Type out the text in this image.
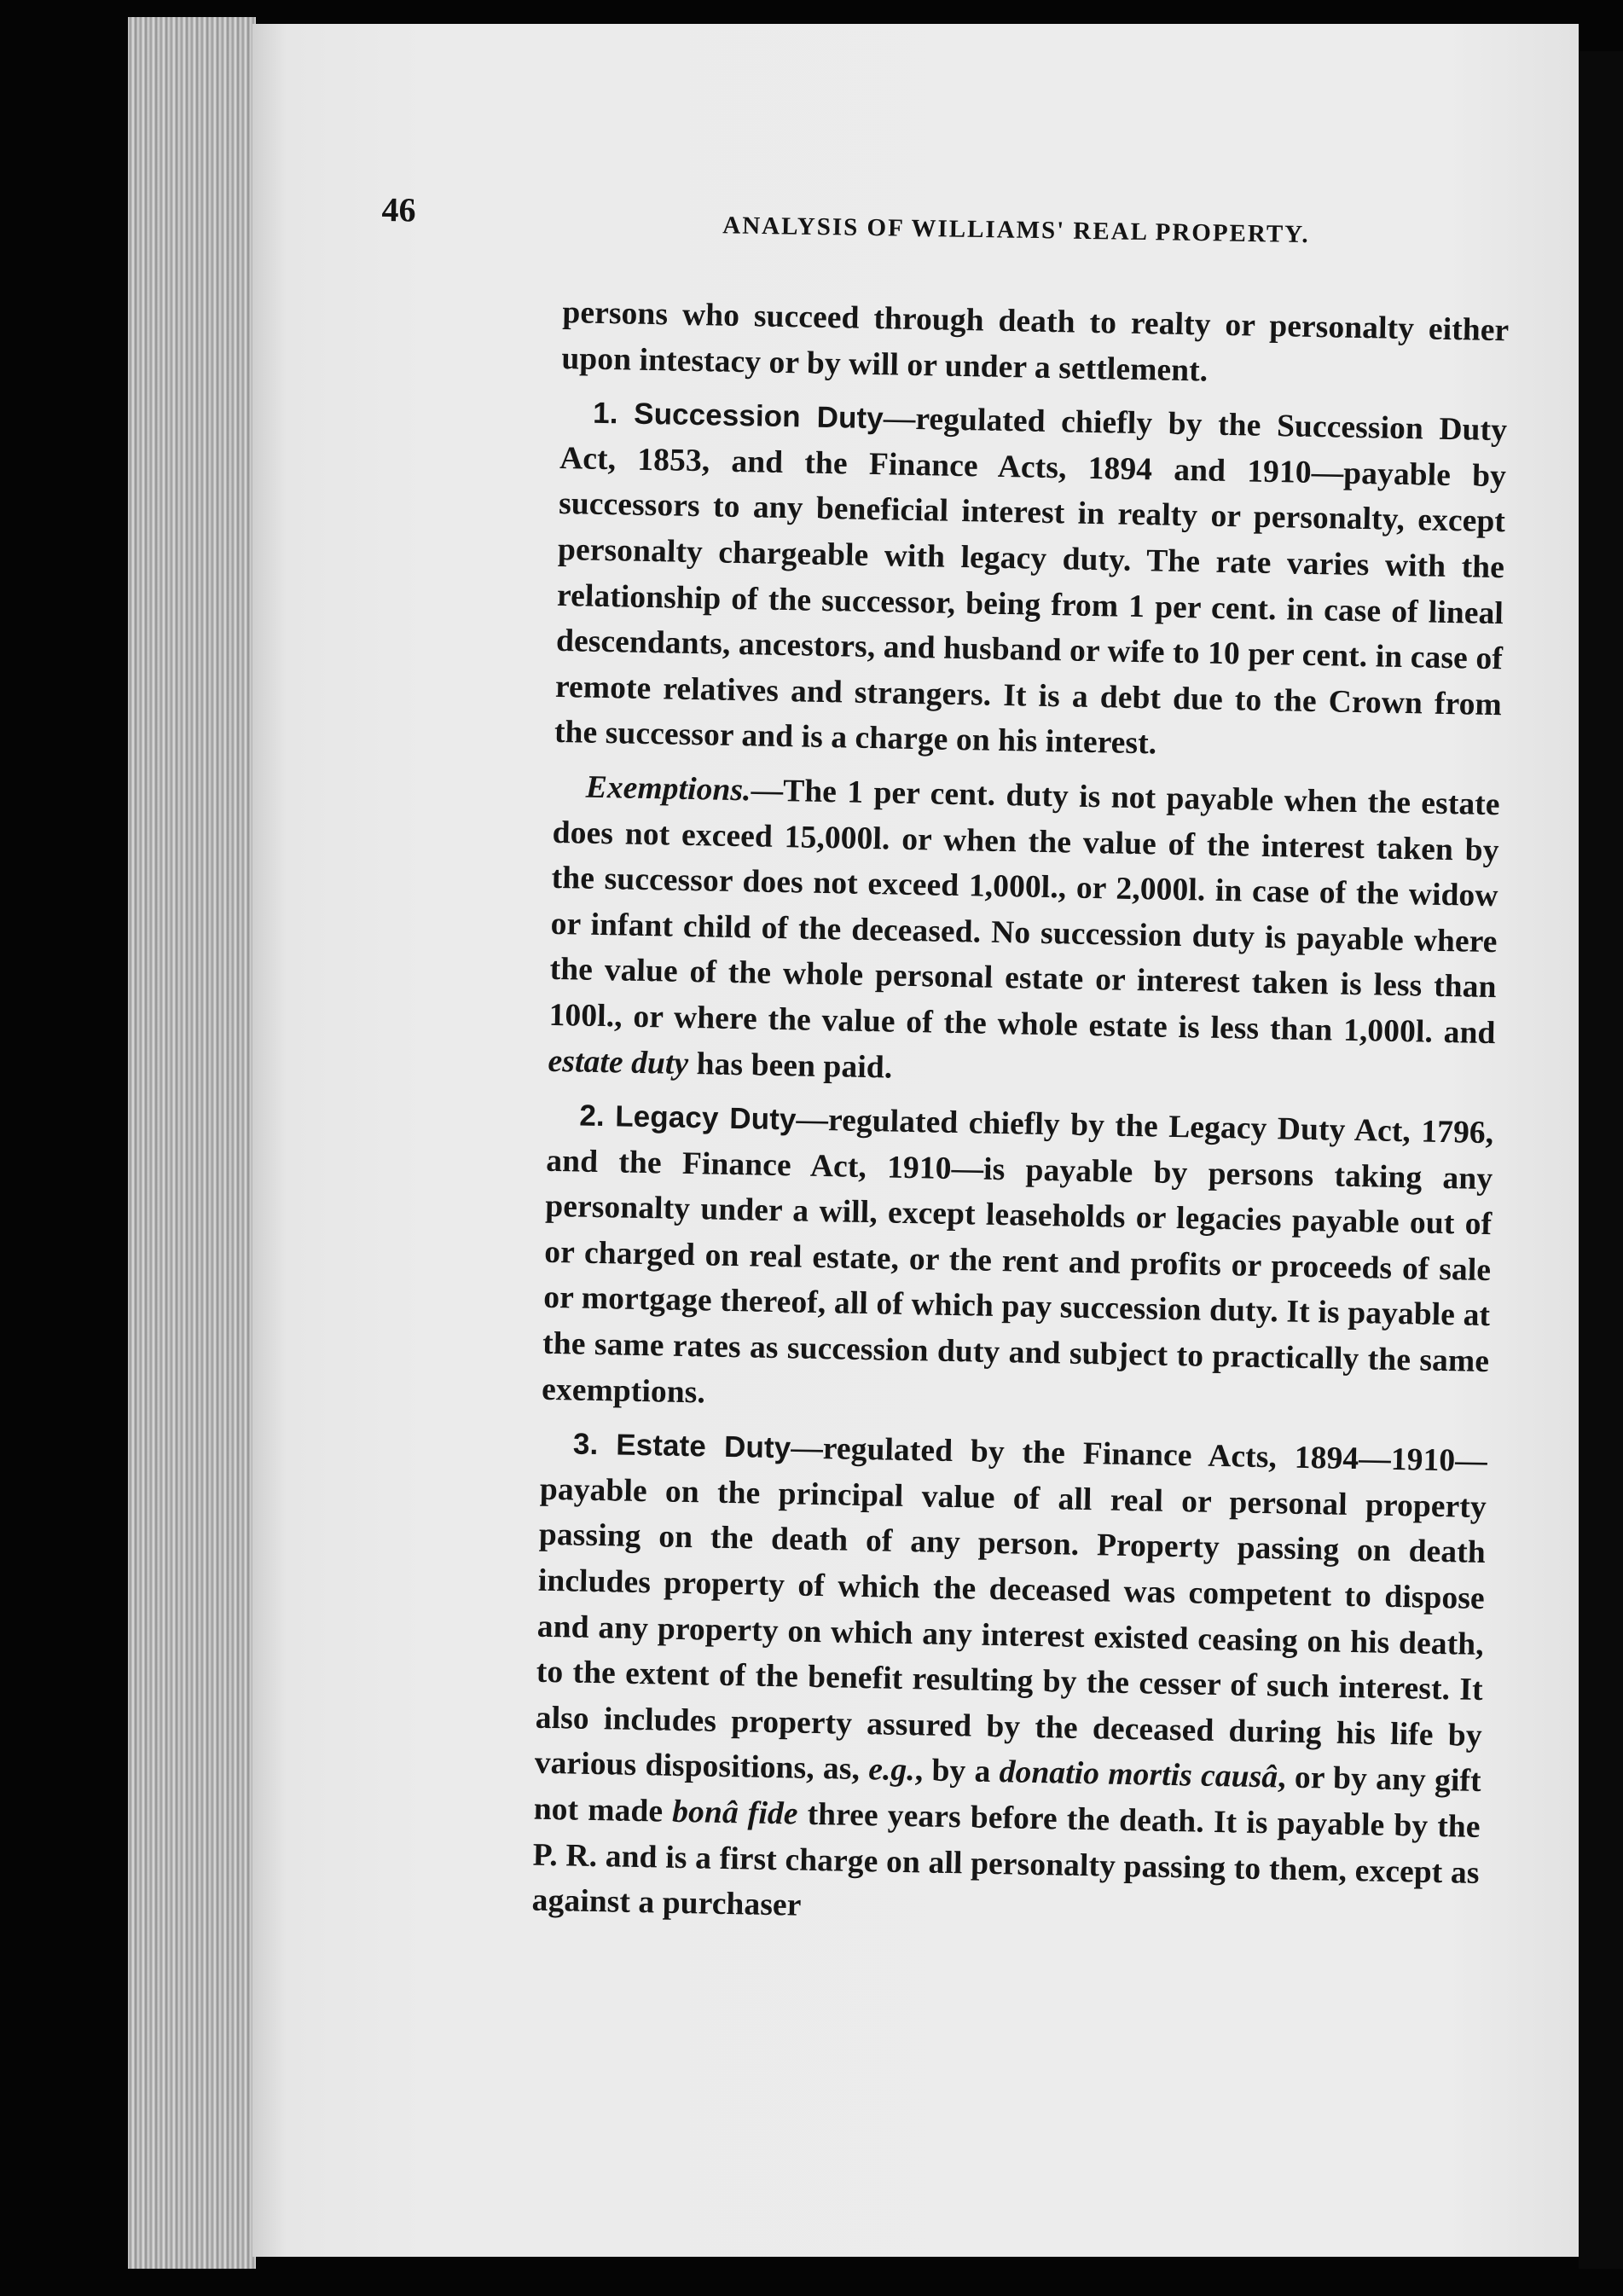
46
ANALYSIS OF WILLIAMS' REAL PROPERTY.

persons who succeed through death to realty or personalty either upon intestacy or by will or under a settlement.

1. Succession Duty—regulated chiefly by the Succession Duty Act, 1853, and the Finance Acts, 1894 and 1910—payable by successors to any beneficial interest in realty or personalty, except personalty chargeable with legacy duty. The rate varies with the relationship of the successor, being from 1 per cent. in case of lineal descendants, ancestors, and husband or wife to 10 per cent. in case of remote relatives and strangers. It is a debt due to the Crown from the successor and is a charge on his interest.

Exemptions.—The 1 per cent. duty is not payable when the estate does not exceed 15,000l. or when the value of the interest taken by the successor does not exceed 1,000l., or 2,000l. in case of the widow or infant child of the deceased. No succession duty is payable where the value of the whole personal estate or interest taken is less than 100l., or where the value of the whole estate is less than 1,000l. and estate duty has been paid.

2. Legacy Duty—regulated chiefly by the Legacy Duty Act, 1796, and the Finance Act, 1910—is payable by persons taking any personalty under a will, except leaseholds or legacies payable out of or charged on real estate, or the rent and profits or proceeds of sale or mortgage thereof, all of which pay succession duty. It is payable at the same rates as succession duty and subject to practically the same exemptions.

3. Estate Duty—regulated by the Finance Acts, 1894—1910—payable on the principal value of all real or personal property passing on the death of any person. Property passing on death includes property of which the deceased was competent to dispose and any property on which any interest existed ceasing on his death, to the extent of the benefit resulting by the cesser of such interest. It also includes property assured by the deceased during his life by various dispositions, as, e.g., by a donatio mortis causâ, or by any gift not made bonâ fide three years before the death. It is payable by the P. R. and is a first charge on all personalty passing to them, except as against a purchaser
